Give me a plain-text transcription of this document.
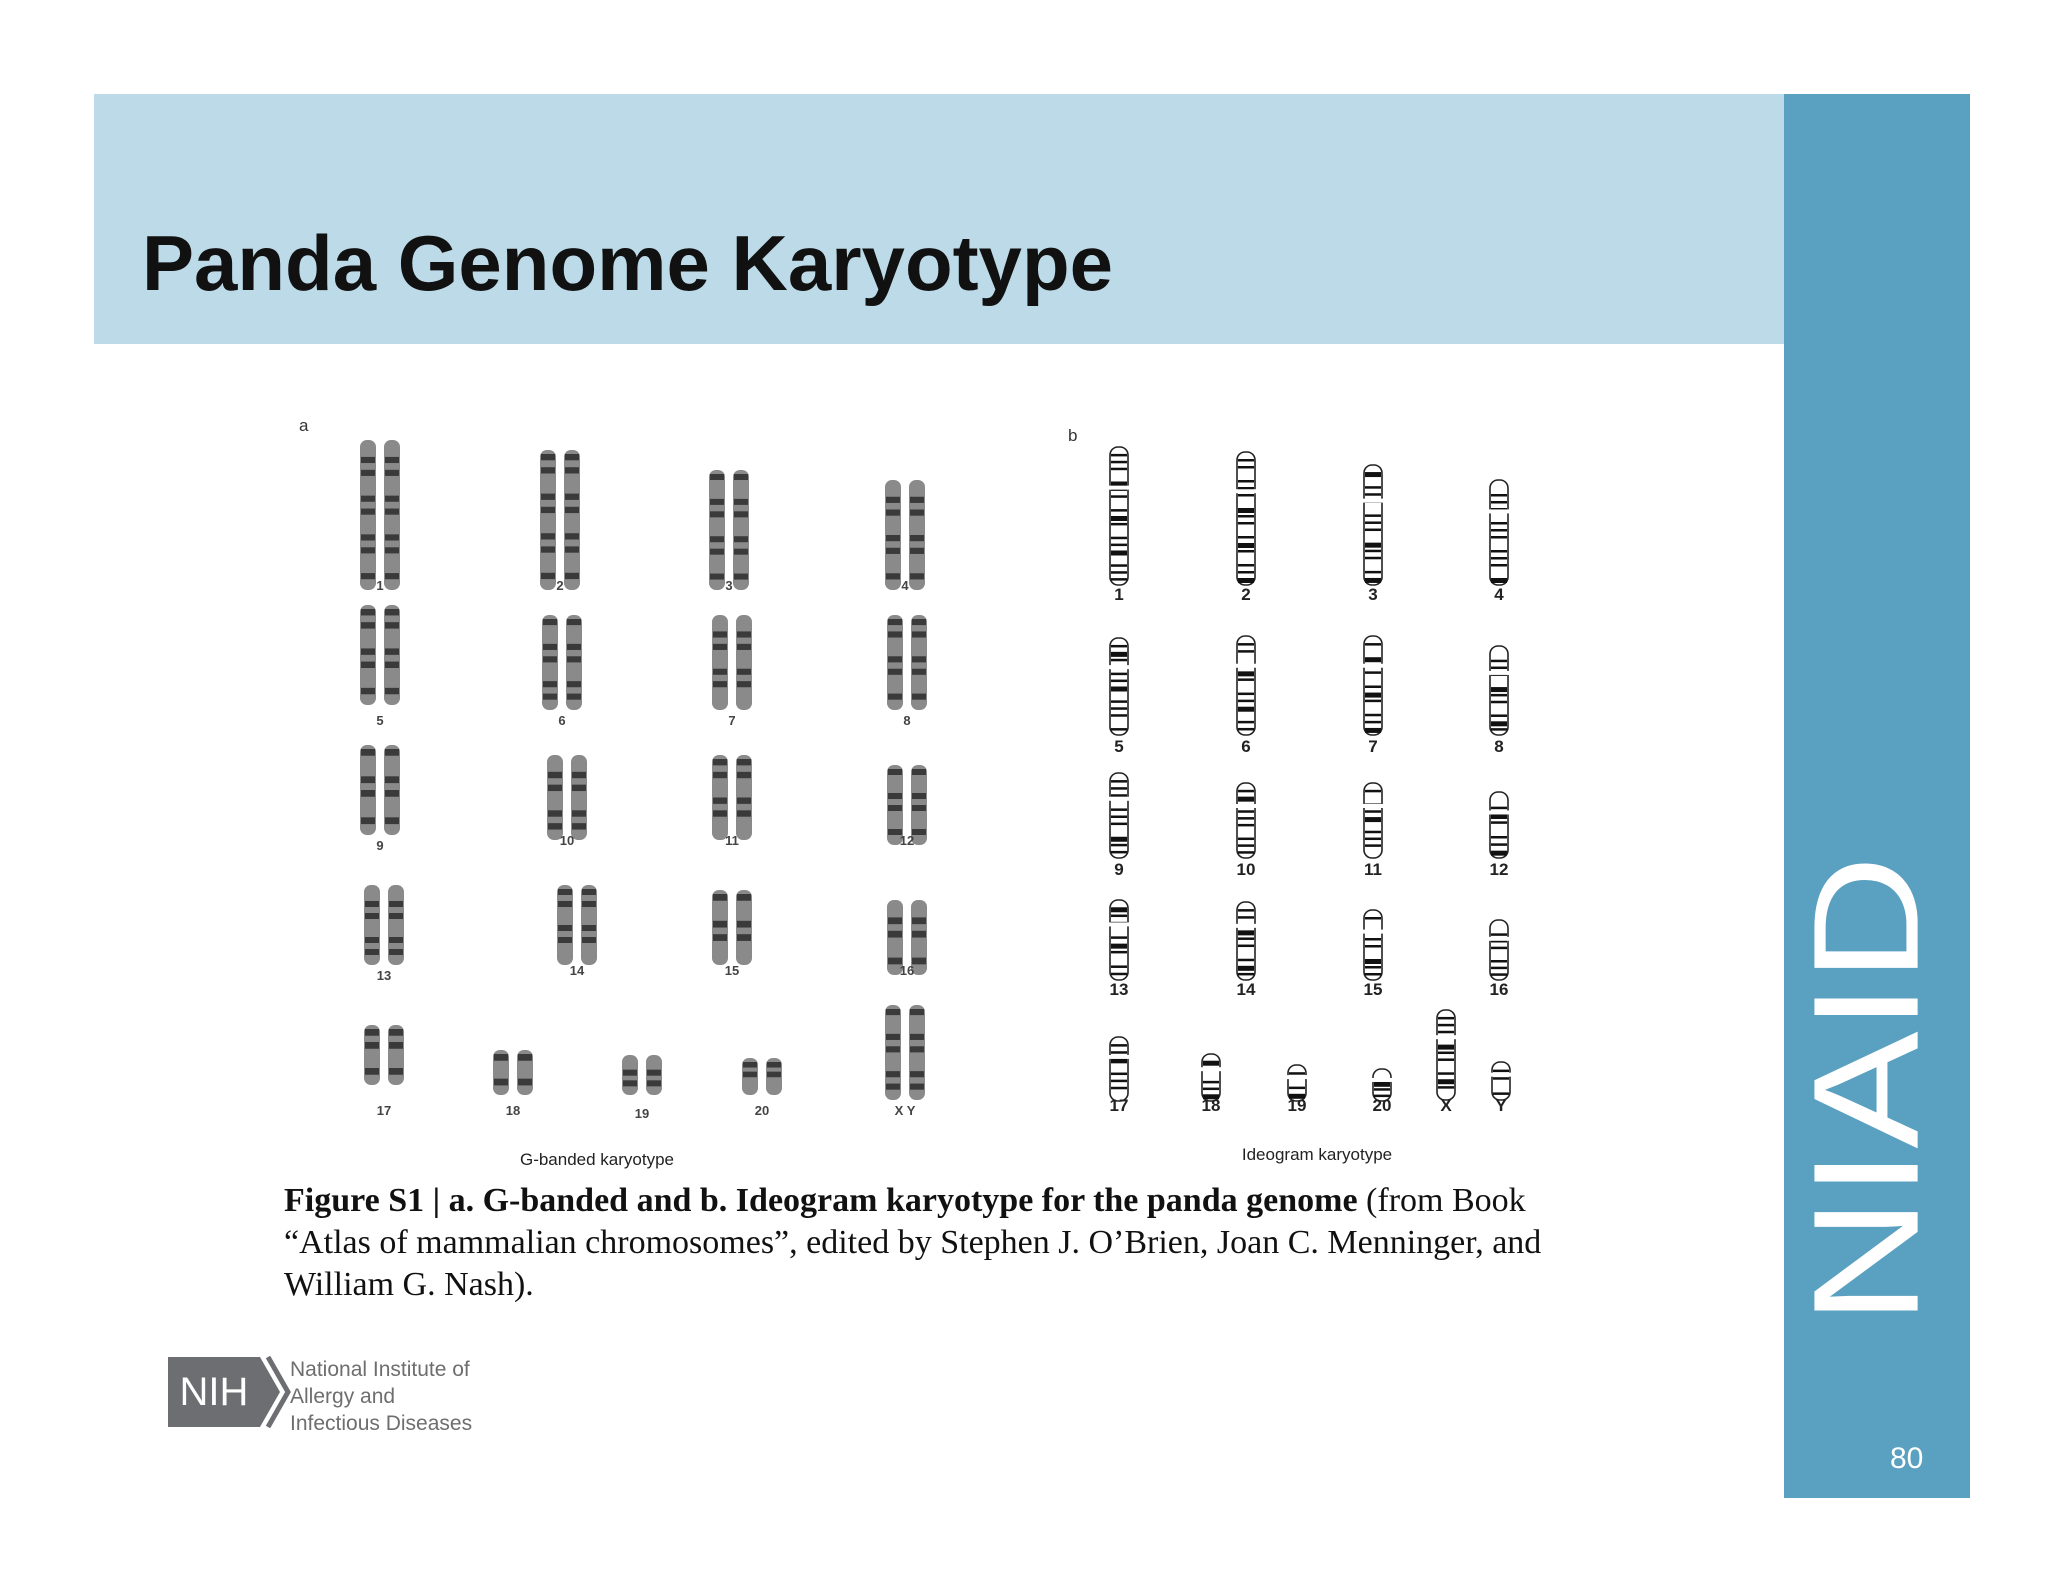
Panda Genome Karyotype
NIAID
80
a
b
1	2	3	4
5	6	7	8
9	10	11	12
13	14	15	16
17	18	19	20	X Y
1	2	3	4
5	6	7	8
9	10	11	12
13	14	15	16
17	18	19	20	X	Y
G-banded karyotype	Ideogram karyotype
Figure S1 | a. G-banded and b. Ideogram karyotype for the panda genome (from Book “Atlas of mammalian chromosomes”, edited by Stephen J. O’Brien, Joan C. Menninger, and William G. Nash).
NIH
National Institute of
Allergy and
Infectious Diseases
